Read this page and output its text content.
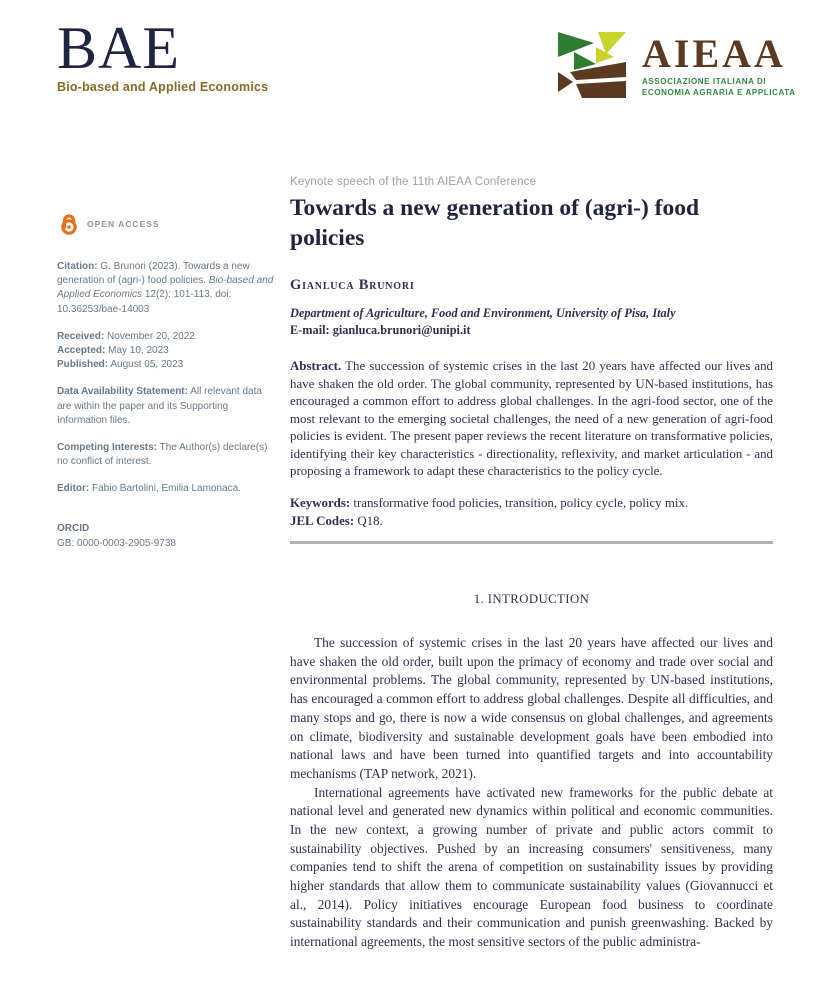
BAE
Bio-based and Applied Economics
AIEAA
ASSOCIAZIONE ITALIANA DI
ECONOMIA AGRARIA E APPLICATA
OPEN ACCESS

Citation: G. Brunori (2023). Towards a new generation of (agri-) food policies. Bio-based and Applied Economics 12(2): 101-113. doi: 10.36253/bae-14003

Received: November 20, 2022

Accepted: May 10, 2023

Published: August 05, 2023

Data Availability Statement: All relevant data are within the paper and its Supporting Information files.

Competing Interests: The Author(s) declare(s) no conflict of interest.

Editor: Fabio Bartolini, Emilia Lamonaca.

ORCID
GB: 0000-0003-2905-9738

Keynote speech of the 11th AIEAA Conference

Towards a new generation of (agri-) food policies

Gianluca Brunori

Department of Agriculture, Food and Environment, University of Pisa, Italy

E-mail: gianluca.brunori@unipi.it

Abstract. The succession of systemic crises in the last 20 years have affected our lives and have shaken the old order. The global community, represented by UN-based institutions, has encouraged a common effort to address global challenges. In the agri-food sector, one of the most relevant to the emerging societal challenges, the need of a new generation of agri-food policies is evident. The present paper reviews the recent literature on transformative policies, identifying their key characteristics - directionality, reflexivity, and market articulation - and proposing a framework to adapt these characteristics to the policy cycle.

Keywords: transformative food policies, transition, policy cycle, policy mix.

JEL Codes: Q18.

1. INTRODUCTION

The succession of systemic crises in the last 20 years have affected our lives and have shaken the old order, built upon the primacy of economy and trade over social and environmental problems. The global community, represented by UN-based institutions, has encouraged a common effort to address global challenges. Despite all difficulties, and many stops and go, there is now a wide consensus on global challenges, and agreements on climate, biodiversity and sustainable development goals have been embodied into national laws and have been turned into quantified targets and into accountability mechanisms (TAP network, 2021).

International agreements have activated new frameworks for the public debate at national level and generated new dynamics within political and economic communities. In the new context, a growing number of private and public actors commit to sustainability objectives. Pushed by an increasing consumers' sensitiveness, many companies tend to shift the arena of competition on sustainability issues by providing higher standards that allow them to communicate sustainability values (Giovannucci et al., 2014). Policy initiatives encourage European food business to coordinate sustainability standards and their communication and punish greenwashing. Backed by international agreements, the most sensitive sectors of the public administra-
